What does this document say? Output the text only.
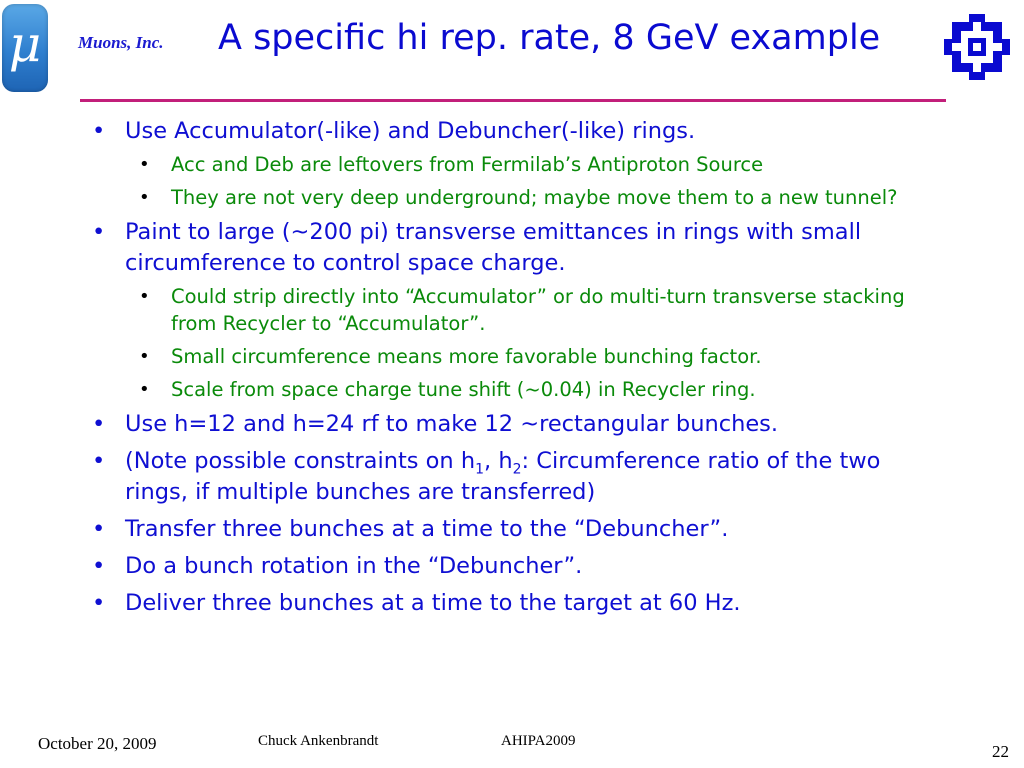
μ	Muons, Inc. A specific hi rep. rate, 8 GeV example
• Use Accumulator(-like) and Debuncher(-like) rings.
• Acc and Deb are leftovers from Fermilab’s Antiproton Source
• They are not very deep underground; maybe move them to a new tunnel?
• Paint to large (~200 pi) transverse emittances in rings with small circumference to control space charge.
• Could strip directly into “Accumulator” or do multi-turn transverse stacking from Recycler to “Accumulator”.
• Small circumference means more favorable bunching factor.
• Scale from space charge tune shift (~0.04) in Recycler ring.
• Use h=12 and h=24 rf to make 12 ~rectangular bunches.
• (Note possible constraints on $h_1$, $h_2$: Circumference ratio of the two rings, if multiple bunches are transferred)
• Transfer three bunches at a time to the “Debuncher”.
• Do a bunch rotation in the “Debuncher”.
• Deliver three bunches at a time to the target at 60 Hz.
October 20, 2009	Chuck Ankenbrandt	AHIPA2009
22
